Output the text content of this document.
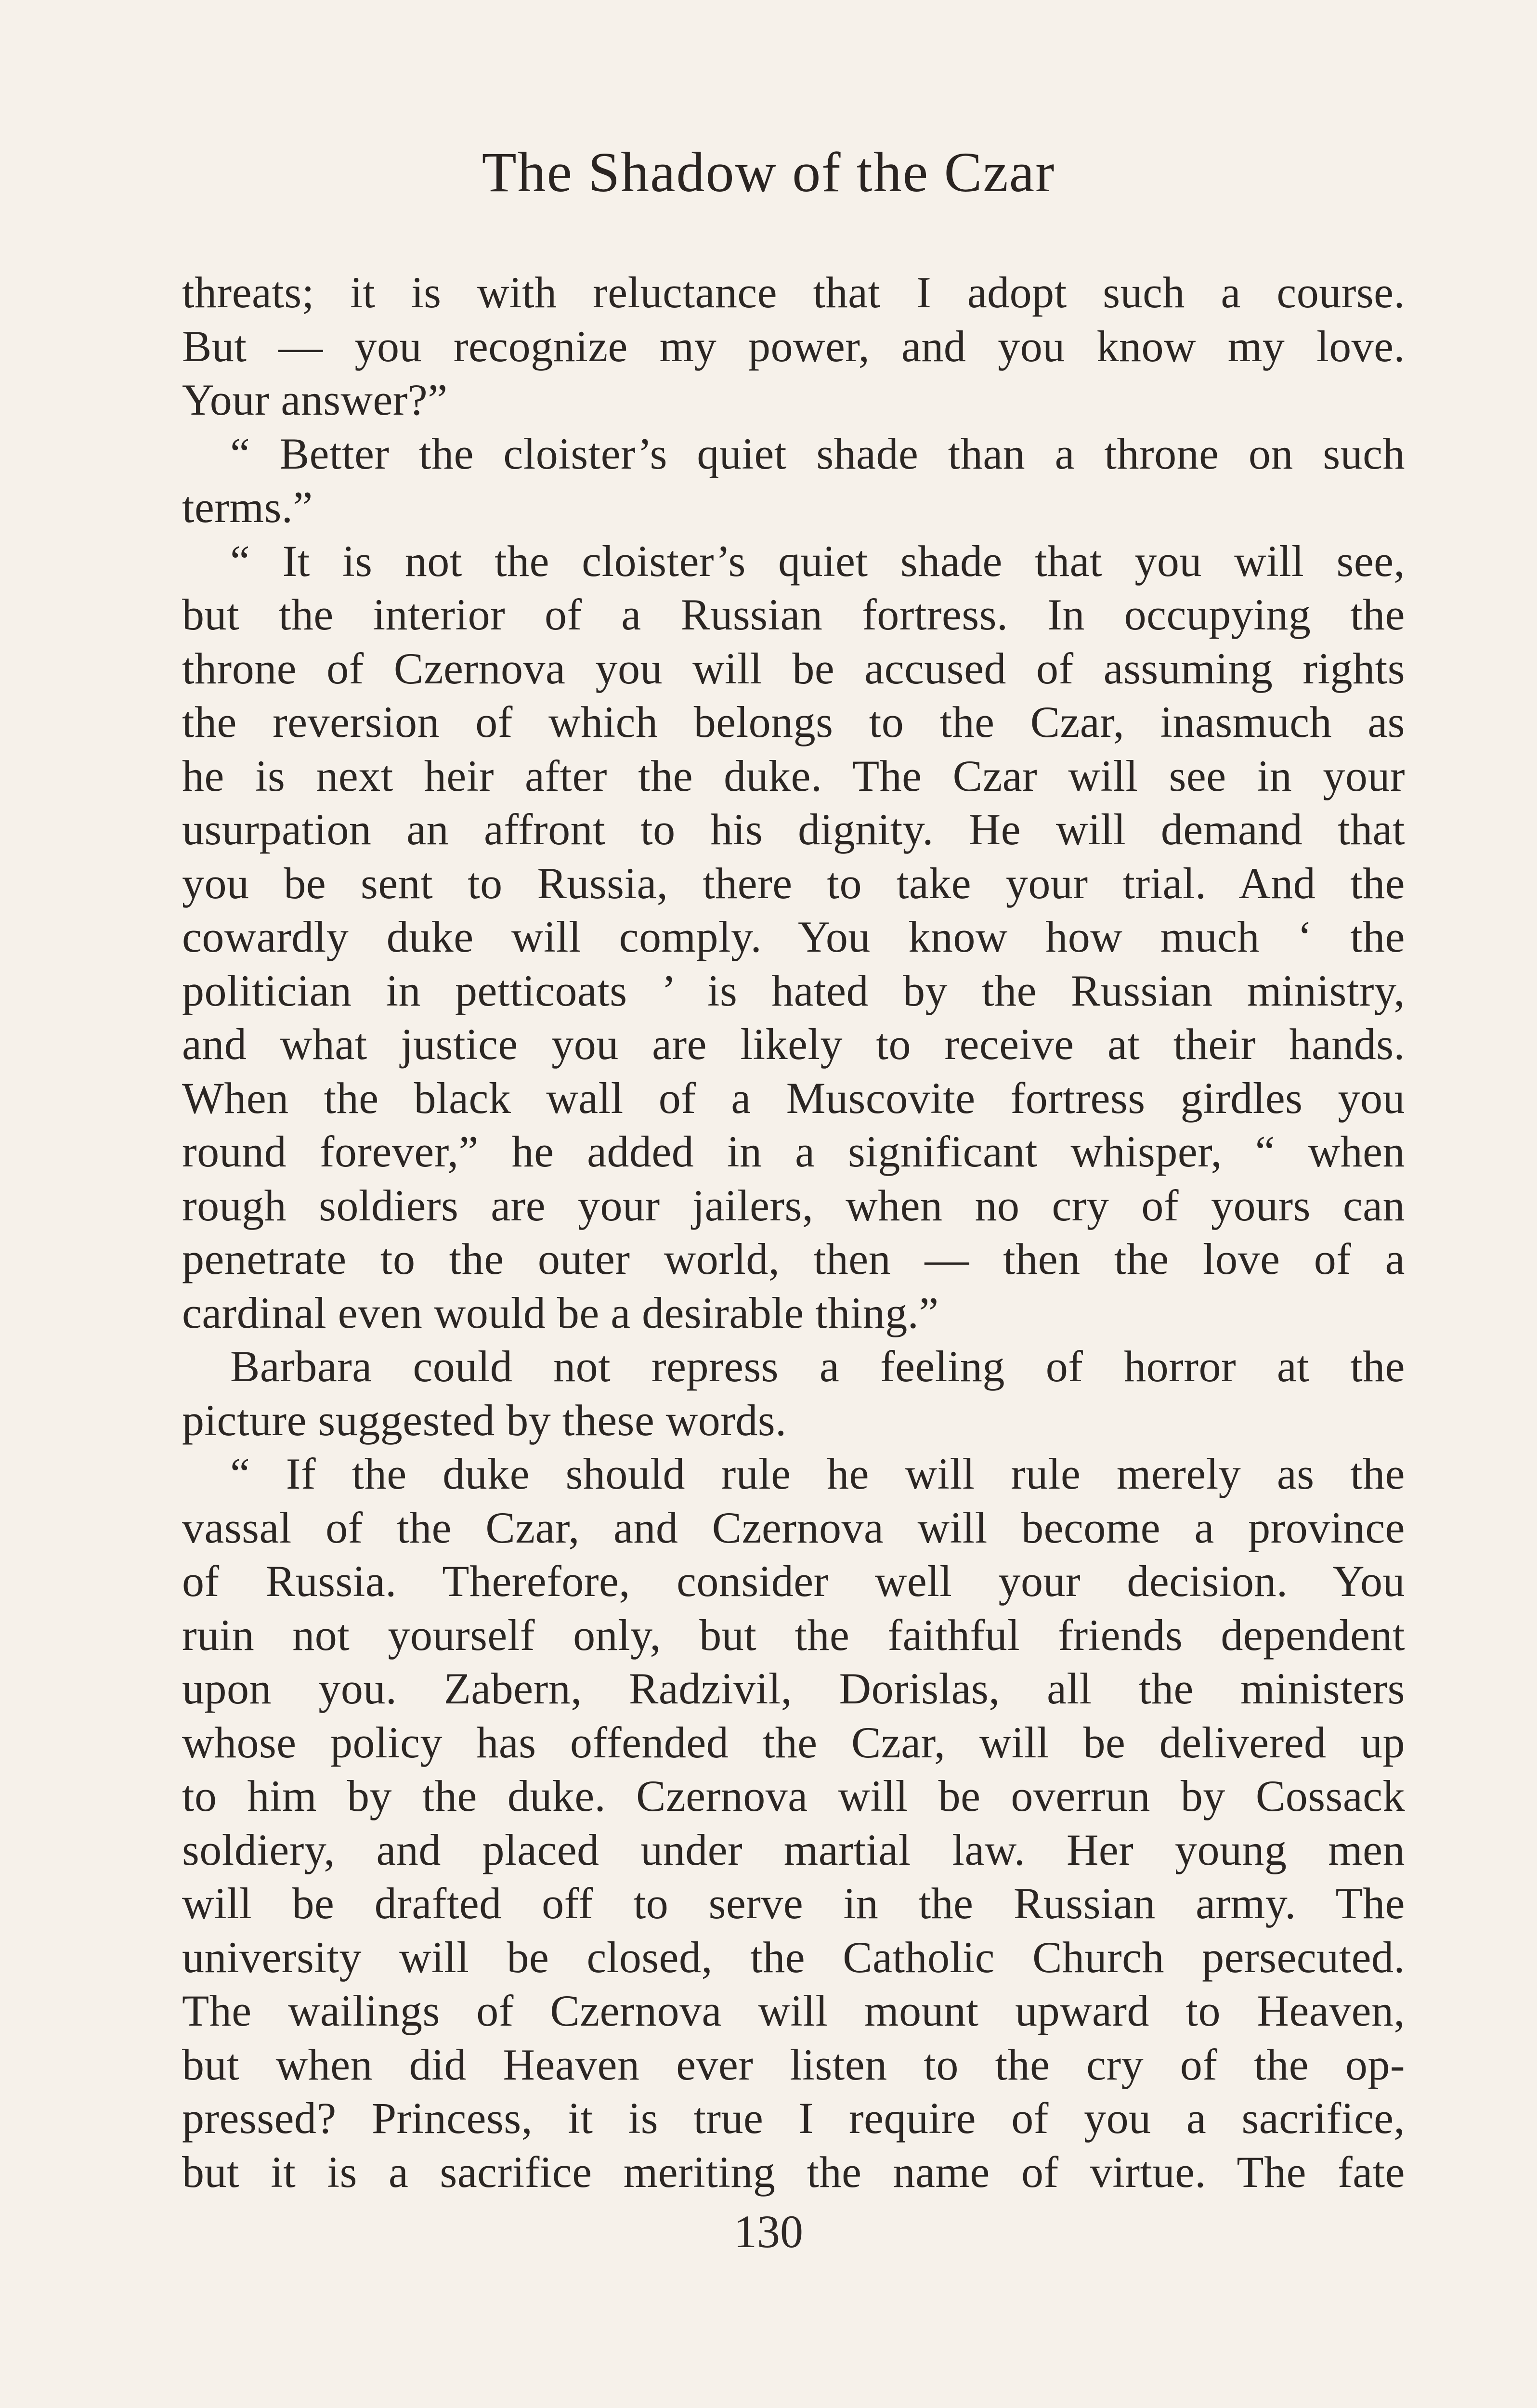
The Shadow of the Czar
threats; it is with reluctance that I adopt such a course.
But — you recognize my power, and you know my love.
Your answer?”
“ Better the cloister’s quiet shade than a throne on such
terms.”
“ It is not the cloister’s quiet shade that you will see,
but the interior of a Russian fortress. In occupying the
throne of Czernova you will be accused of assuming rights
the reversion of which belongs to the Czar, inasmuch as
he is next heir after the duke. The Czar will see in your
usurpation an affront to his dignity. He will demand that
you be sent to Russia, there to take your trial. And the
cowardly duke will comply. You know how much ‘ the
politician in petticoats ’ is hated by the Russian ministry,
and what justice you are likely to receive at their hands.
When the black wall of a Muscovite fortress girdles you
round forever,” he added in a significant whisper, “ when
rough soldiers are your jailers, when no cry of yours can
penetrate to the outer world, then — then the love of a
cardinal even would be a desirable thing.”
Barbara could not repress a feeling of horror at the
picture suggested by these words.
“ If the duke should rule he will rule merely as the
vassal of the Czar, and Czernova will become a province
of Russia. Therefore, consider well your decision. You
ruin not yourself only, but the faithful friends dependent
upon you. Zabern, Radzivil, Dorislas, all the ministers
whose policy has offended the Czar, will be delivered up
to him by the duke. Czernova will be overrun by Cossack
soldiery, and placed under martial law. Her young men
will be drafted off to serve in the Russian army. The
university will be closed, the Catholic Church persecuted.
The wailings of Czernova will mount upward to Heaven,
but when did Heaven ever listen to the cry of the op-
pressed? Princess, it is true I require of you a sacrifice,
but it is a sacrifice meriting the name of virtue. The fate
130
